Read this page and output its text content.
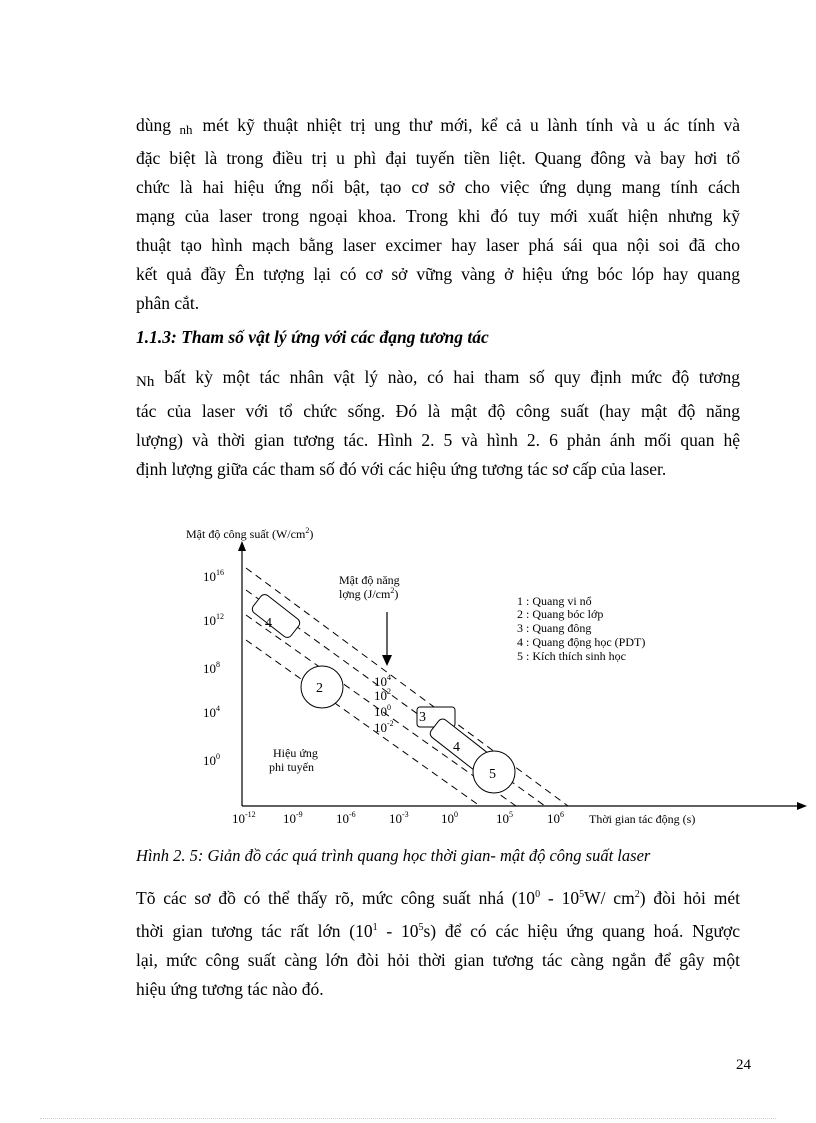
dùng nh mét kỹ thuật nhiệt trị ung thư mới, kể cả u lành tính và u ác tính và
đặc biệt là trong điều trị u phì đại tuyến tiền liệt. Quang đông và bay hơi tổ
chức là hai hiệu ứng nổi bật, tạo cơ sở cho việc ứng dụng mang tính cách
mạng của laser trong ngoại khoa. Trong khi đó tuy mới xuất hiện nhưng kỹ
thuật tạo hình mạch bằng laser excimer hay laser phá sái qua nội soi đã cho
kết quả đầy Ên tượng lại có cơ sở vững vàng ở hiệu ứng bóc lóp hay quang
phân cắt.

1.1.3: Tham số vật lý ứng với các đạng tương tác

Nh bất kỳ một tác nhân vật lý nào, có hai tham số quy định mức độ tương
tác của laser với tổ chức sống. Đó là mật độ công suất (hay mật độ năng
lượng) và thời gian tương tác. Hình 2. 5 và hình 2. 6 phản ánh mối quan hệ
định lượng giữa các tham số đó với các hiệu ứng tương tác sơ cấp của laser.
Mật độ công suất $(W/cm^2)$
Thời gian tác động (s)
$10^{16}$
$10^{12}$
$10^8$
$10^4$
$10^0$
$10^{-12}$ $10^{-9}$	$10^{-6}$	$10^{-3}$ $10^0$	$10^5$	$10^6$
Mật độ năng
lợng $(J/cm^2)$
$10^4$
$10^2$
$10^0$
$10^{-2}$
4
2
3
4
5
Hiệu ứng
phi tuyến
1 : Quang vi nổ
2 : Quang bóc lớp
3 : Quang đông
4 : Quang động học (PDT)
5 : Kích thích sinh học

Hình 2. 5: Giản đồ các quá trình quang học thời gian- mật độ công suất laser

Tõ các sơ đồ có thể thấy rõ, mức công suất nhá ($10^0 - 10^5W/$ $cm^2$) đòi hỏi mét
thời gian tương tác rất lớn $(10^1 - 10^5s)$ để có các hiệu ứng quang hoá. Ngược
lại, mức công suất càng lớn đòi hỏi thời gian tương tác càng ngắn để gây một
hiệu ứng tương tác nào đó.
24
